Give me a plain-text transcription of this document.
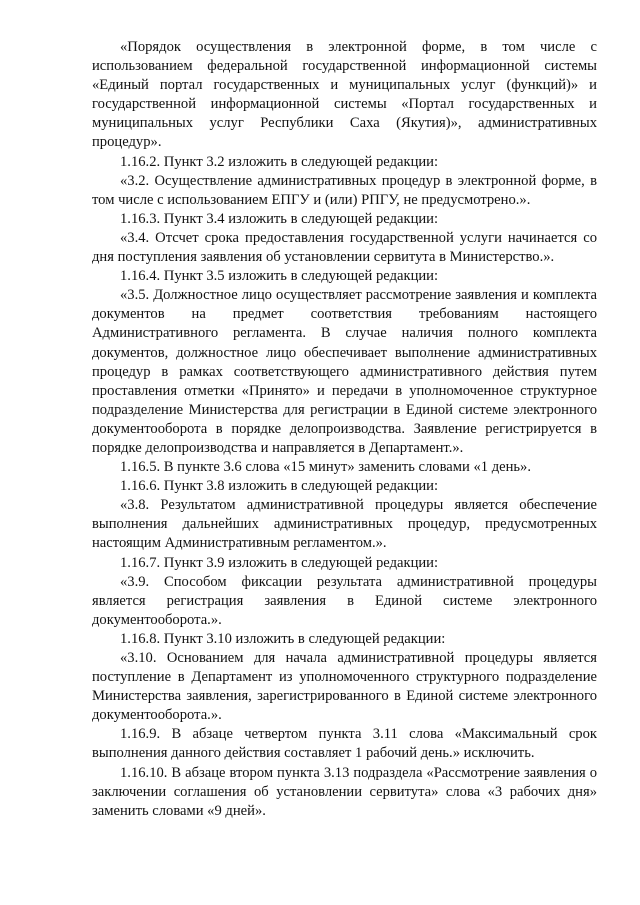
«Порядок осуществления в электронной форме, в том числе с использованием федеральной государственной информационной системы «Единый портал государственных и муниципальных услуг (функций)» и государственной информационной системы «Портал государственных и муниципальных услуг Республики Саха (Якутия)», административных процедур».

1.16.2. Пункт 3.2 изложить в следующей редакции:

«3.2. Осуществление административных процедур в электронной форме, в том числе с использованием ЕПГУ и (или) РПГУ, не предусмотрено.».

1.16.3. Пункт 3.4 изложить в следующей редакции:

«3.4. Отсчет срока предоставления государственной услуги начинается со дня поступления заявления об установлении сервитута в Министерство.».

1.16.4. Пункт 3.5 изложить в следующей редакции:

«3.5. Должностное лицо осуществляет рассмотрение заявления и комплекта документов на предмет соответствия требованиям настоящего Административного регламента. В случае наличия полного комплекта документов, должностное лицо обеспечивает выполнение административных процедур в рамках соответствующего административного действия путем проставления отметки «Принято» и передачи в уполномоченное структурное подразделение Министерства для регистрации в Единой системе электронного документооборота в порядке делопроизводства. Заявление регистрируется в порядке делопроизводства и направляется в Департамент.».

1.16.5. В пункте 3.6 слова «15 минут» заменить словами «1 день».

1.16.6. Пункт 3.8 изложить в следующей редакции:

«3.8. Результатом административной процедуры является обеспечение выполнения дальнейших административных процедур, предусмотренных настоящим Административным регламентом.».

1.16.7. Пункт 3.9 изложить в следующей редакции:

«3.9. Способом фиксации результата административной процедуры является регистрация заявления в Единой системе электронного документооборота.».

1.16.8. Пункт 3.10 изложить в следующей редакции:

«3.10. Основанием для начала административной процедуры является поступление в Департамент из уполномоченного структурного подразделение Министерства заявления, зарегистрированного в Единой системе электронного документооборота.».

1.16.9. В абзаце четвертом пункта 3.11 слова «Максимальный срок выполнения данного действия составляет 1 рабочий день.» исключить.

1.16.10. В абзаце втором пункта 3.13 подраздела «Рассмотрение заявления о заключении соглашения об установлении сервитута» слова «3 рабочих дня» заменить словами «9 дней».
